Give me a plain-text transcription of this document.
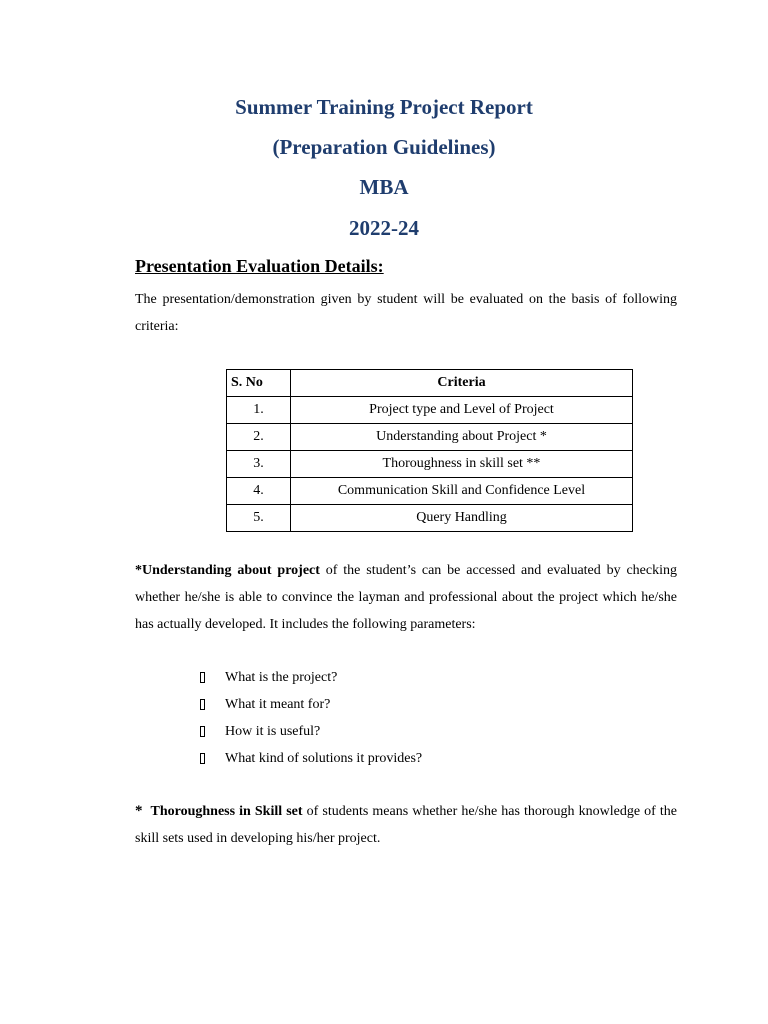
Summer Training Project Report
(Preparation Guidelines)
MBA
2022-24
Presentation Evaluation Details:

The presentation/demonstration given by student will be evaluated on the basis of following criteria:

S. No	Criteria
1.	Project type and Level of Project
2.	Understanding about Project *
3.	Thoroughness in skill set **
4.	Communication Skill and Confidence Level
5.	Query Handling

*Understanding about project of the student’s can be accessed and evaluated by checking whether he/she is able to convince the layman and professional about the project which he/she has actually developed. It includes the following parameters:

What is the project?
What it meant for?
How it is useful?
What kind of solutions it provides?

* Thoroughness in Skill set of students means whether he/she has thorough knowledge of the skill sets used in developing his/her project.
